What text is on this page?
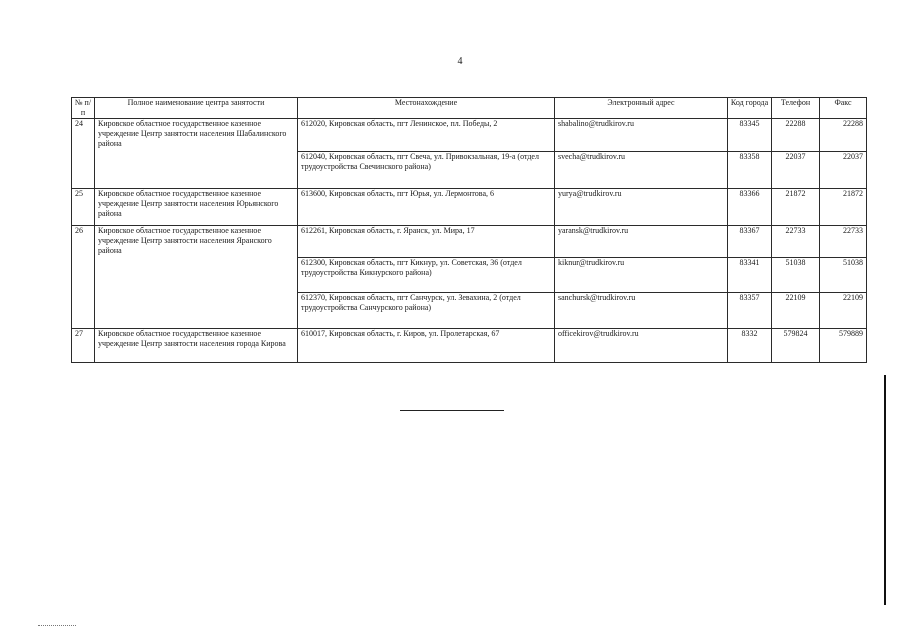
4
№ п/п	Полное наименование центра занятости	Местонахождение	Электронный адрес	Код города	Телефон	Факс
24	Кировское областное государственное казенное учреждение Центр занятости населения Шабалинского района	612020, Кировская область, пгт Ленинское, пл. Победы, 2	shabalino@trudkirov.ru	83345	22288	22288
		612040, Кировская область, пгт Свеча, ул. Привокзальная, 19-а (отдел трудоустройства Свечинского района)	svecha@trudkirov.ru	83358	22037	22037
25	Кировское областное государственное казенное учреждение Центр занятости населения Юрьянского района	613600, Кировская область, пгт Юрья, ул. Лермонтова, 6	yurya@trudkirov.ru	83366	21872	21872
26	Кировское областное государственное казенное учреждение Центр занятости населения Яранского района	612261, Кировская область, г. Яранск, ул. Мира, 17	yaransk@trudkirov.ru	83367	22733	22733
		612300, Кировская область, пгт Кикнур, ул. Советская, 36 (отдел трудоустройства Кикнурского района)	kiknur@trudkirov.ru	83341	51038	51038
		612370, Кировская область, пгт Санчурск, ул. Зевахина, 2 (отдел трудоустройства Санчурского района)	sanchursk@trudkirov.ru	83357	22109	22109
27	Кировское областное государственное казенное учреждение Центр занятости населения города Кирова	610017, Кировская область, г. Киров, ул. Пролетарская, 67	officekirov@trudkirov.ru	8332	579824	579889
